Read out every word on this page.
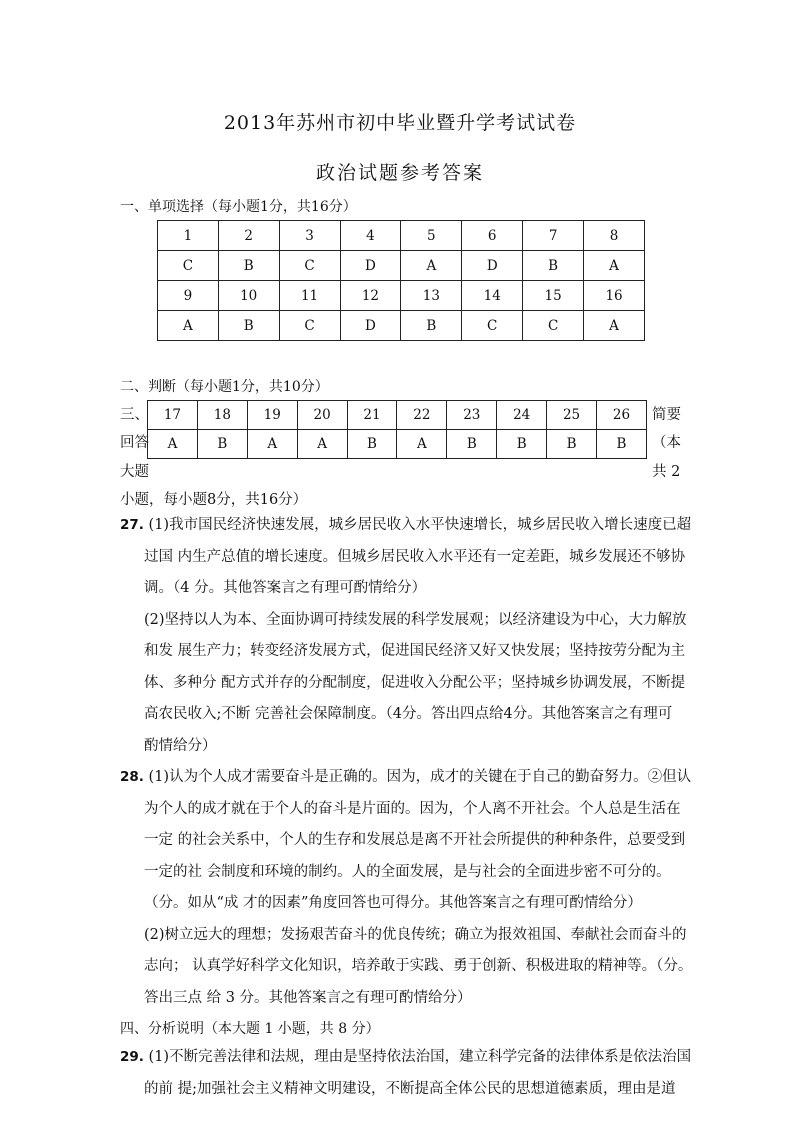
2013年苏州市初中毕业暨升学考试试卷
政治试题参考答案
一、单项选择（每小题1分，共16分）
1	2	3	4	5	6	7	8
C	B	C	D	A	D	B	A
9	10	11	12	13	14	15	16
A	B	C	D	B	C	C	A
二、判断（每小题1分，共10分）
三、
回答
大题
简要
（本
共 2
17	18	19	20	21	22	23	24	25	26
A	B	A	A	B	A	B	B	B	B
小题，每小题8分，共16分）
27. (1)我市国民经济快速发展，城乡居民收入水平快速增长，城乡居民收入增长速度已超
过国 内生产总值的增长速度。但城乡居民收入水平还有一定差距，城乡发展还不够协
调。（4 分。其他答案言之有理可酌情给分）
(2)坚持以人为本、全面协调可持续发展的科学发展观；以经济建设为中心，大力解放
和发 展生产力；转变经济发展方式，促进国民经济又好又快发展；坚持按劳分配为主
体、多种分 配方式并存的分配制度，促进收入分配公平；坚持城乡协调发展，不断提
高农民收入;不断 完善社会保障制度。（4分。答出四点给4分。其他答案言之有理可
酌情给分）
28. (1)认为个人成才需要奋斗是正确的。因为，成才的关键在于自己的勤奋努力。②但认
为个人的成才就在于个人的奋斗是片面的。因为，个人离不开社会。个人总是生活在
一定 的社会关系中，个人的生存和发展总是离不开社会所提供的种种条件，总要受到
一定的社 会制度和环境的制约。人的全面发展，是与社会的全面进步密不可分的。
（分。如从“成 才的因素”角度回答也可得分。其他答案言之有理可酌情给分）
(2)树立远大的理想；发扬艰苦奋斗的优良传统；确立为报效祖国、奉献社会而奋斗的
志向； 认真学好科学文化知识，培养敢于实践、勇于创新、积极进取的精神等。（分。
答出三点 给 3 分。其他答案言之有理可酌情给分）
四、分析说明（本大题 1 小题，共 8 分）
29. (1)不断完善法律和法规，理由是坚持依法治国，建立科学完备的法律体系是依法治国
的前 提;加强社会主义精神文明建设，不断提高全体公民的思想道德素质，理由是道
